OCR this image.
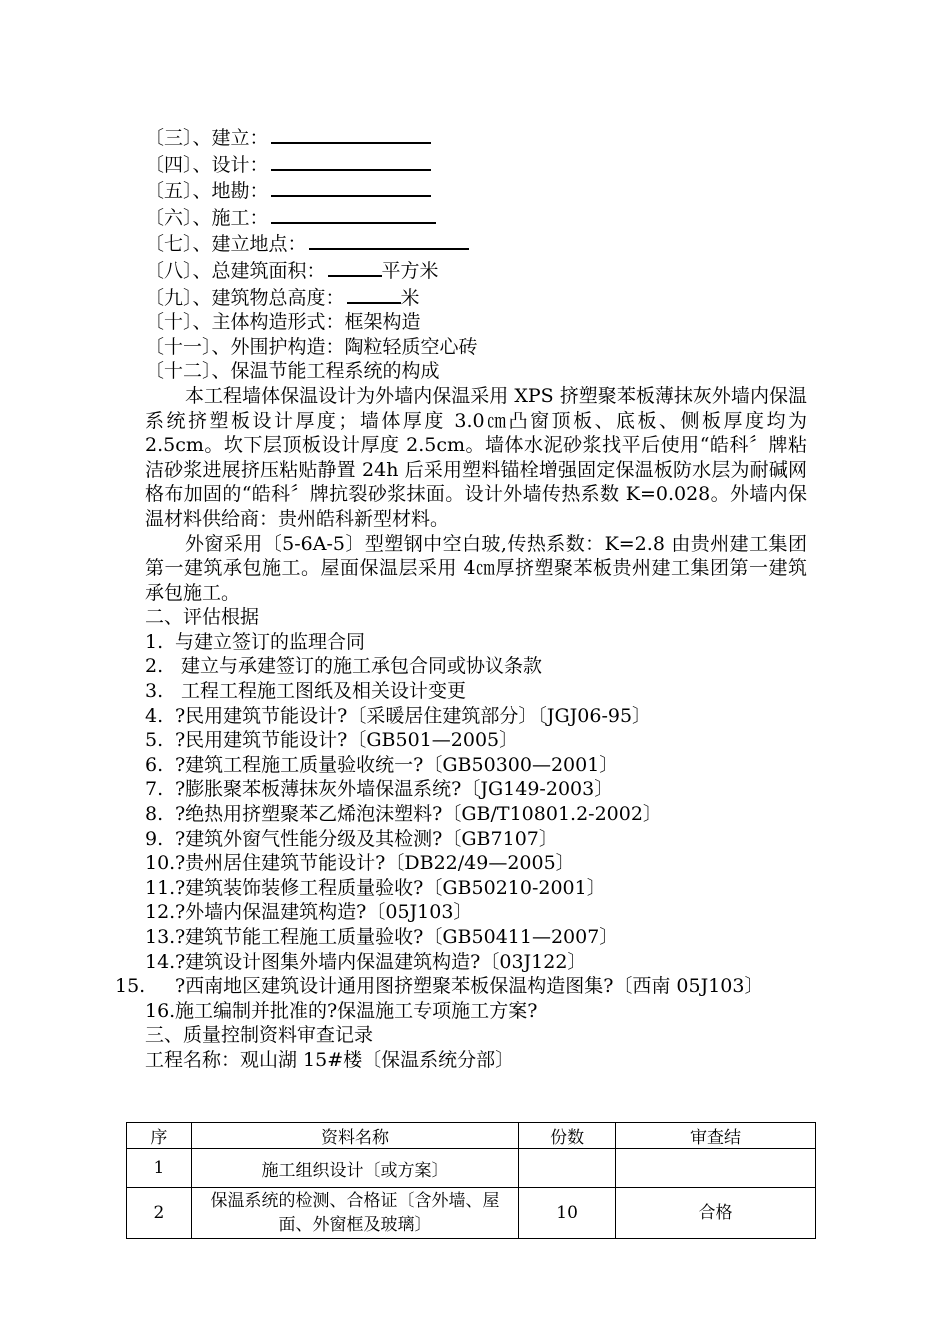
〔三〕、建立：
〔四〕、设计：
〔五〕、地勘：
〔六〕、施工：
〔七〕、建立地点：
〔八〕、总建筑面积：	平方米
〔九〕、建筑物总高度：	米
〔十〕、主体构造形式：框架构造
〔十一〕、外围护构造：陶粒轻质空心砖
〔十二〕、保温节能工程系统的构成
本工程墙体保温设计为外墙内保温采用 XPS 挤塑聚苯板薄抹灰外墙内保温系统挤塑板设计厚度；墙体厚度 3.0㎝凸窗顶板、底板、侧板厚度均为 2.5cm。坎下层顶板设计厚度 2.5cm。墙体水泥砂浆找平后使用“皓科〞牌粘洁砂浆进展挤压粘贴静置 24h 后采用塑料锚栓增强固定保温板防水层为耐碱网格布加固的“皓科〞牌抗裂砂浆抹面。设计外墙传热系数 K=0.028。外墙内保温材料供给商：贵州皓科新型材料。
外窗采用〔5-6A-5〕型塑钢中空白玻,传热系数：K=2.8 由贵州建工集团第一建筑承包施工。屋面保温层采用 4㎝厚挤塑聚苯板贵州建工集团第一建筑承包施工。
二、评估根据
1. 与建立签订的监理合同
2. 建立与承建签订的施工承包合同或协议条款
3. 工程工程施工图纸及相关设计变更
4. ?民用建筑节能设计?〔采暖居住建筑部分〕〔JGJ06-95〕
5. ?民用建筑节能设计?〔GB501—2005〕
6. ?建筑工程施工质量验收统一?〔GB50300—2001〕
7. ?膨胀聚苯板薄抹灰外墙保温系统?〔JG149-2003〕
8. ?绝热用挤塑聚苯乙烯泡沫塑料?〔GB/T10801.2-2002〕
9. ?建筑外窗气性能分级及其检测?〔GB7107〕
10.?贵州居住建筑节能设计?〔DB22/49—2005〕
11.?建筑装饰装修工程质量验收?〔GB50210-2001〕
12.?外墙内保温建筑构造?〔05J103〕
13.?建筑节能工程施工质量验收?〔GB50411—2007〕
14.?建筑设计图集外墙内保温建筑构造?〔03J122〕
15. ?西南地区建筑设计通用图挤塑聚苯板保温构造图集?〔西南 05J103〕
16.施工编制并批准的?保温施工专项施工方案?
三、质量控制资料审查记录
工程名称：观山湖 15#楼〔保温系统分部〕
序	资料名称	份数	审查结
1	施工组织设计〔或方案〕		
2	保温系统的检测、合格证〔含外墙、屋面、外窗框及玻璃〕	10	合格
